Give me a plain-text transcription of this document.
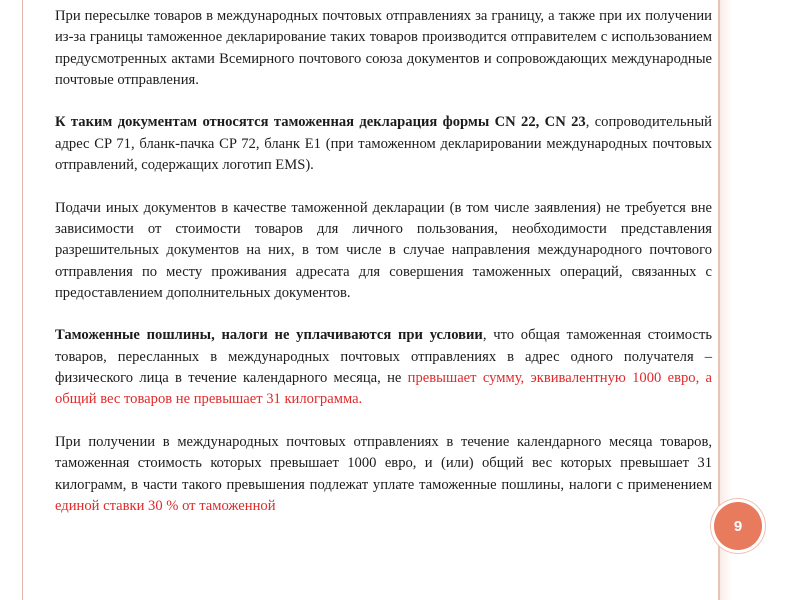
При пересылке товаров в международных почтовых отправлениях за границу, а также при их получении из-за границы таможенное декларирование таких товаров производится отправителем с использованием предусмотренных актами Всемирного почтового союза документов и сопровождающих международные почтовые отправления.

К таким документам относятся таможенная декларация формы CN 22, CN 23, сопроводительный адрес CP 71, бланк-пачка CP 72, бланк E1 (при таможенном декларировании международных почтовых отправлений, содержащих логотип EMS).

Подачи иных документов в качестве таможенной декларации (в том числе заявления) не требуется вне зависимости от стоимости товаров для личного пользования, необходимости представления разрешительных документов на них, в том числе в случае направления международного почтового отправления по месту проживания адресата для совершения таможенных операций, связанных с предоставлением дополнительных документов.

Таможенные пошлины, налоги не уплачиваются при условии, что общая таможенная стоимость товаров, пересланных в международных почтовых отправлениях в адрес одного получателя – физического лица в течение календарного месяца, не превышает сумму, эквивалентную 1000 евро, а общий вес товаров не превышает 31 килограмма.

При получении в международных почтовых отправлениях в течение календарного месяца товаров, таможенная стоимость которых превышает 1000 евро, и (или) общий вес которых превышает 31 килограмм, в части такого превышения подлежат уплате таможенные пошлины, налоги с применением единой ставки 30 % от таможенной

9
